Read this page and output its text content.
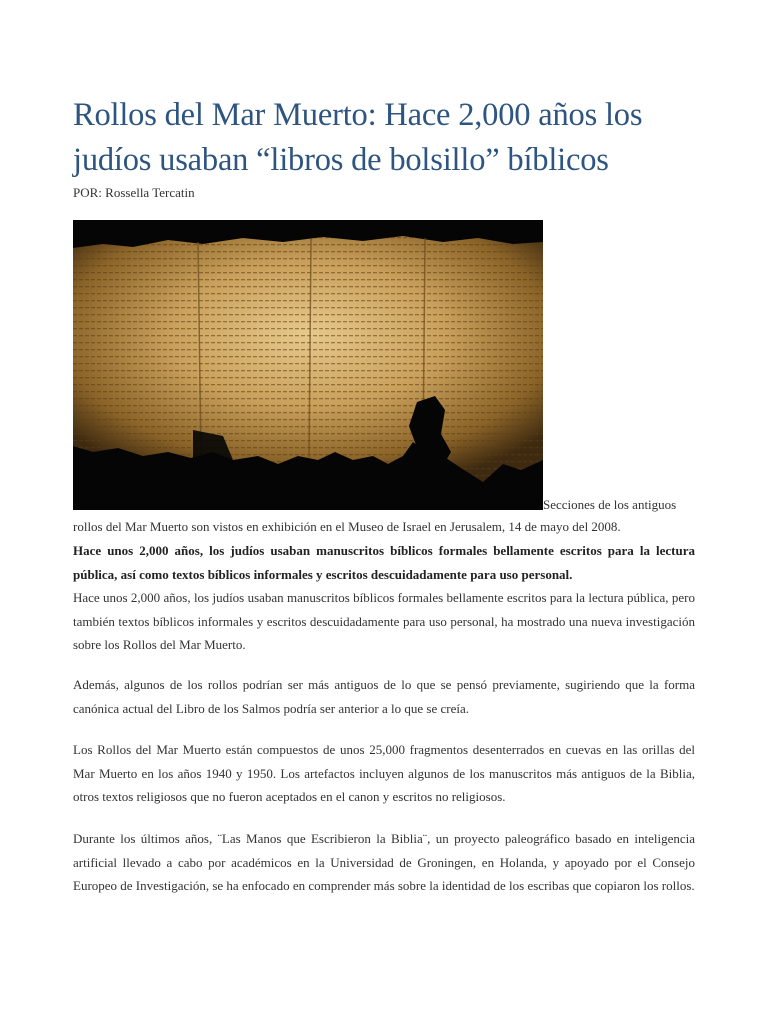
Rollos del Mar Muerto: Hace 2,000 años los judíos usaban “libros de bolsillo” bíblicos
POR: Rossella Tercatin
Secciones de los antiguos
rollos del Mar Muerto son vistos en exhibición en el Museo de Israel en Jerusalem, 14 de mayo del 2008.
Hace unos 2,000 años, los judíos usaban manuscritos bíblicos formales bellamente escritos para la lectura pública, así como textos bíblicos informales y escritos descuidadamente para uso personal.
Hace unos 2,000 años, los judíos usaban manuscritos bíblicos formales bellamente escritos para la lectura pública, pero también textos bíblicos informales y escritos descuidadamente para uso personal, ha mostrado una nueva investigación sobre los Rollos del Mar Muerto.
Además, algunos de los rollos podrían ser más antiguos de lo que se pensó previamente, sugiriendo que la forma canónica actual del Libro de los Salmos podría ser anterior a lo que se creía.
Los Rollos del Mar Muerto están compuestos de unos 25,000 fragmentos desenterrados en cuevas en las orillas del Mar Muerto en los años 1940 y 1950. Los artefactos incluyen algunos de los manuscritos más antiguos de la Biblia, otros textos religiosos que no fueron aceptados en el canon y escritos no religiosos.
Durante los últimos años, ¨Las Manos que Escribieron la Biblia¨, un proyecto paleográfico basado en inteligencia artificial llevado a cabo por académicos en la Universidad de Groningen, en Holanda, y apoyado por el Consejo Europeo de Investigación, se ha enfocado en comprender más sobre la identidad de los escribas que copiaron los rollos.
